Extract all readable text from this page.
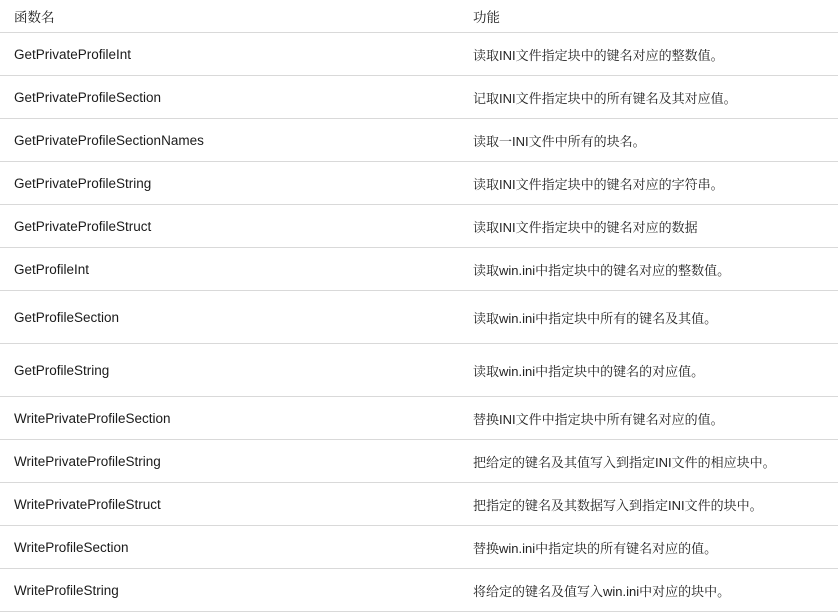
函数名	功能
GetPrivateProfileInt	读取INI文件指定块中的键名对应的整数值。
GetPrivateProfileSection	记取INI文件指定块中的所有键名及其对应值。
GetPrivateProfileSectionNames	读取一INI文件中所有的块名。
GetPrivateProfileString	读取INI文件指定块中的键名对应的字符串。
GetPrivateProfileStruct	读取INI文件指定块中的键名对应的数据
GetProfileInt	读取win.ini中指定块中的键名对应的整数值。
GetProfileSection	读取win.ini中指定块中所有的键名及其值。
GetProfileString	读取win.ini中指定块中的键名的对应值。
WritePrivateProfileSection	替换INI文件中指定块中所有键名对应的值。
WritePrivateProfileString	把给定的键名及其值写入到指定INI文件的相应块中。
WritePrivateProfileStruct	把指定的键名及其数据写入到指定INI文件的块中。
WriteProfileSection	替换win.ini中指定块的所有键名对应的值。
WriteProfileString	将给定的键名及值写入win.ini中对应的块中。
